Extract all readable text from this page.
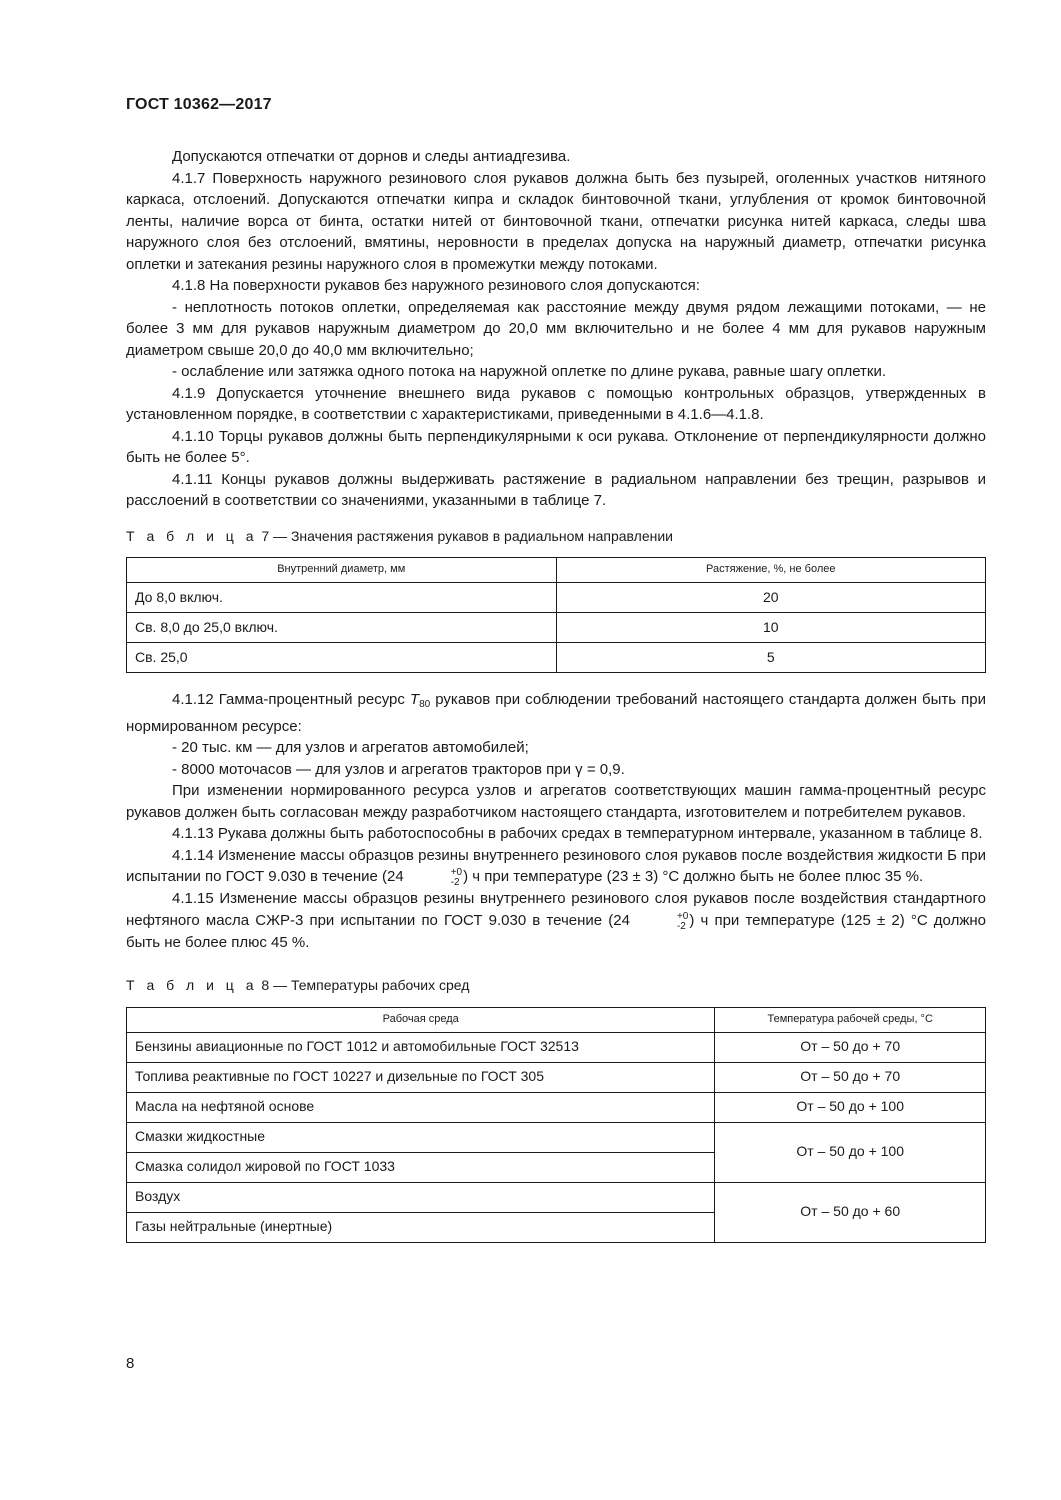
ГОСТ 10362—2017

Допускаются отпечатки от дорнов и следы антиадгезива.

4.1.7 Поверхность наружного резинового слоя рукавов должна быть без пузырей, оголенных участков нитяного каркаса, отслоений. Допускаются отпечатки кипра и складок бинтовочной ткани, углубления от кромок бинтовочной ленты, наличие ворса от бинта, остатки нитей от бинтовочной ткани, отпечатки рисунка нитей каркаса, следы шва наружного слоя без отслоений, вмятины, неровности в пределах допуска на наружный диаметр, отпечатки рисунка оплетки и затекания резины наружного слоя в промежутки между потоками.

4.1.8 На поверхности рукавов без наружного резинового слоя допускаются:

- неплотность потоков оплетки, определяемая как расстояние между двумя рядом лежащими потоками, — не более 3 мм для рукавов наружным диаметром до 20,0 мм включительно и не более 4 мм для рукавов наружным диаметром свыше 20,0 до 40,0 мм включительно;

- ослабление или затяжка одного потока на наружной оплетке по длине рукава, равные шагу оплетки.

4.1.9 Допускается уточнение внешнего вида рукавов с помощью контрольных образцов, утвержденных в установленном порядке, в соответствии с характеристиками, приведенными в 4.1.6—4.1.8.

4.1.10 Торцы рукавов должны быть перпендикулярными к оси рукава. Отклонение от перпендикулярности должно быть не более 5°.

4.1.11 Концы рукавов должны выдерживать растяжение в радиальном направлении без трещин, разрывов и расслоений в соответствии со значениями, указанными в таблице 7.

Т а б л и ц а 7 — Значения растяжения рукавов в радиальном направлении
Внутренний диаметр, мм	Растяжение, %, не более
До 8,0 включ.	20
Св. 8,0 до 25,0 включ.	10
Св. 25,0	5

4.1.12 Гамма-процентный ресурс $T_{80}$ рукавов при соблюдении требований настоящего стандарта должен быть при нормированном ресурсе:

- 20 тыс. км — для узлов и агрегатов автомобилей;

- 8000 моточасов — для узлов и агрегатов тракторов при γ = 0,9.

При изменении нормированного ресурса узлов и агрегатов соответствующих машин гамма-процентный ресурс рукавов должен быть согласован между разработчиком настоящего стандарта, изготовителем и потребителем рукавов.

4.1.13 Рукава должны быть работоспособны в рабочих средах в температурном интервале, указанном в таблице 8.

4.1.14 Изменение массы образцов резины внутреннего резинового слоя рукавов после воздействия жидкости Б при испытании по ГОСТ 9.030 в течение (24	+0
-2 ) ч при температуре (23 ± 3) °С должно быть не более плюс 35 %.

4.1.15 Изменение массы образцов резины внутреннего резинового слоя рукавов после воздействия стандартного нефтяного масла СЖР-3 при испытании по ГОСТ 9.030 в течение (24	+0
-2 ) ч при температуре (125 ± 2) °С должно быть не более плюс 45 %.

Т а б л и ц а 8 — Температуры рабочих сред
Рабочая среда	Температура рабочей среды, °С
Бензины авиационные по ГОСТ 1012 и автомобильные ГОСТ 32513	От – 50 до + 70
Топлива реактивные по ГОСТ 10227 и дизельные по ГОСТ 305	От – 50 до + 70
Масла на нефтяной основе	От – 50 до + 100
Смазки жидкостные	От – 50 до + 100
Смазка солидол жировой по ГОСТ 1033	
Воздух	От – 50 до + 60
Газы нейтральные (инертные)	
8
